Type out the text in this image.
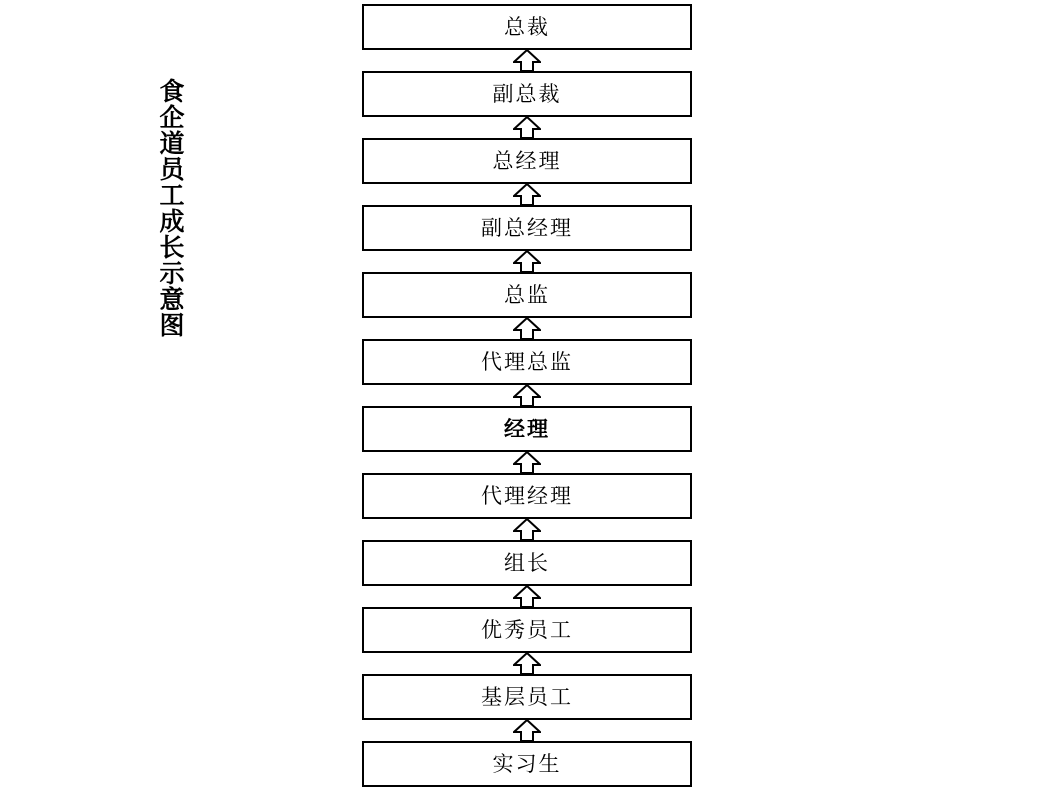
食企道员工成长示意图
总裁
副总裁
总经理
副总经理
总监
代理总监
经理
代理经理
组长
优秀员工
基层员工
实习生
